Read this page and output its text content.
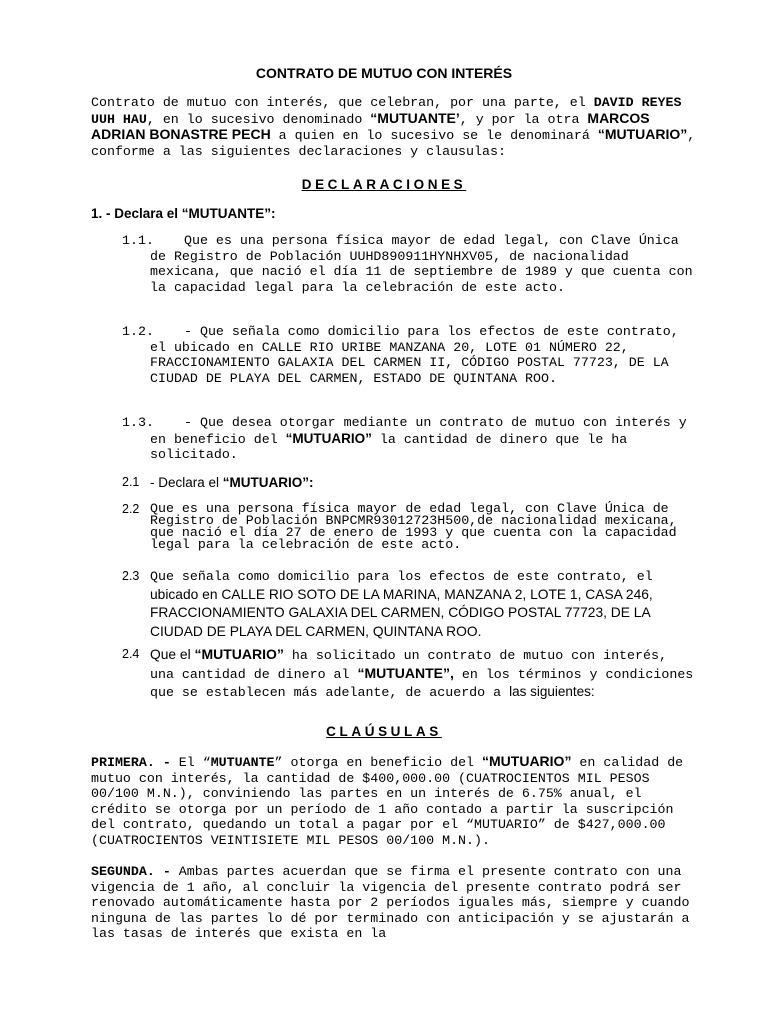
CONTRATO DE MUTUO CON INTERÉS
Contrato de mutuo con interés, que celebran, por una parte, el DAVID REYES UUH HAU, en lo sucesivo denominado “MUTUANTE’, y por la otra MARCOS ADRIAN BONASTRE PECH a quien en lo sucesivo se le denominará “MUTUARIO”, conforme a las siguientes declaraciones y clausulas:
DECLARACIONES
1. - Declara el “MUTUANTE”:
1.1.	Que es una persona física mayor de edad legal, con Clave Única de Registro de Población UUHD890911HYNHXV05, de nacionalidad mexicana, que nació el día 11 de septiembre de 1989 y que cuenta con la capacidad legal para la celebración de este acto.
1.2.	- Que señala como domicilio para los efectos de este contrato, el ubicado en CALLE RIO URIBE MANZANA 20, LOTE 01 NÚMERO 22, FRACCIONAMIENTO GALAXIA DEL CARMEN II, CÓDIGO POSTAL 77723, DE LA CIUDAD DE PLAYA DEL CARMEN, ESTADO DE QUINTANA ROO.
1.3.	- Que desea otorgar mediante un contrato de mutuo con interés y en beneficio del “MUTUARIO” la cantidad de dinero que le ha solicitado.
2.1 - Declara el “MUTUARIO”:
2.2 Que es una persona física mayor de edad legal, con Clave Única de Registro de Población BNPCMR93012723H500,de nacionalidad mexicana, que nació el día 27 de enero de 1993 y que cuenta con la capacidad legal para la celebración de este acto.
2.3 Que señala como domicilio para los efectos de este contrato, el ubicado en CALLE RIO SOTO DE LA MARINA, MANZANA 2, LOTE 1, CASA 246, FRACCIONAMIENTO GALAXIA DEL CARMEN, CÓDIGO POSTAL 77723, DE LA CIUDAD DE PLAYA DEL CARMEN, QUINTANA ROO.
2.4 Que el “MUTUARIO” ha solicitado un contrato de mutuo con interés, una cantidad de dinero al “MUTUANTE”, en los términos y condiciones que se establecen más adelante, de acuerdo a las siguientes:
CLAÚSULAS
PRIMERA. - El “MUTUANTE” otorga en beneficio del “MUTUARIO” en calidad de mutuo con interés, la cantidad de $400,000.00 (CUATROCIENTOS MIL PESOS 00/100 M.N.), conviniendo las partes en un interés de 6.75% anual, el crédito se otorga por un período de 1 año contado a partir la suscripción del contrato, quedando un total a pagar por el “MUTUARIO” de $427,000.00 (CUATROCIENTOS VEINTISIETE MIL PESOS 00/100 M.N.).
SEGUNDA. - Ambas partes acuerdan que se firma el presente contrato con una vigencia de 1 año, al concluir la vigencia del presente contrato podrá ser renovado automáticamente hasta por 2 períodos iguales más, siempre y cuando ninguna de las partes lo dé por terminado con anticipación y se ajustarán a las tasas de interés que exista en la
